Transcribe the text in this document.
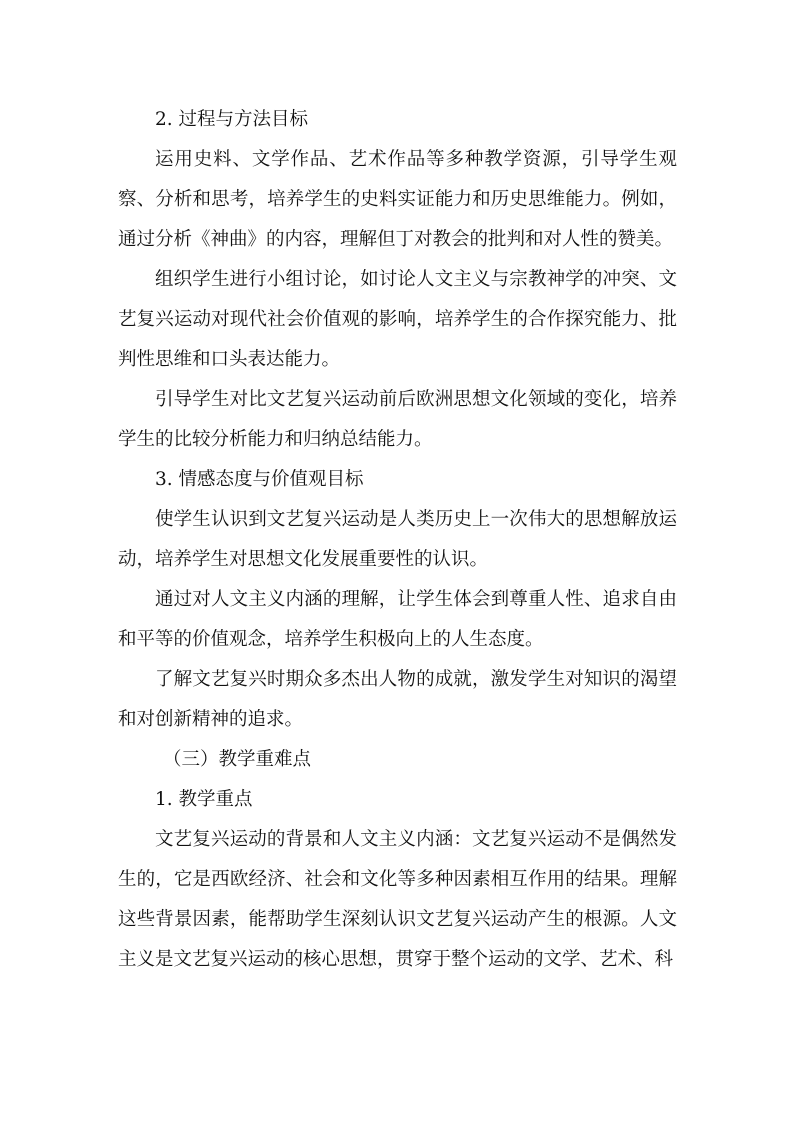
2. 过程与方法目标

运用史料、文学作品、艺术作品等多种教学资源，引导学生观察、分析和思考，培养学生的史料实证能力和历史思维能力。例如，通过分析《神曲》的内容，理解但丁对教会的批判和对人性的赞美。

组织学生进行小组讨论，如讨论人文主义与宗教神学的冲突、文艺复兴运动对现代社会价值观的影响，培养学生的合作探究能力、批判性思维和口头表达能力。

引导学生对比文艺复兴运动前后欧洲思想文化领域的变化，培养学生的比较分析能力和归纳总结能力。

3. 情感态度与价值观目标

使学生认识到文艺复兴运动是人类历史上一次伟大的思想解放运动，培养学生对思想文化发展重要性的认识。

通过对人文主义内涵的理解，让学生体会到尊重人性、追求自由和平等的价值观念，培养学生积极向上的人生态度。

了解文艺复兴时期众多杰出人物的成就，激发学生对知识的渴望和对创新精神的追求。

（三）教学重难点

1. 教学重点

文艺复兴运动的背景和人文主义内涵：文艺复兴运动不是偶然发生的，它是西欧经济、社会和文化等多种因素相互作用的结果。理解这些背景因素，能帮助学生深刻认识文艺复兴运动产生的根源。人文主义是文艺复兴运动的核心思想，贯穿于整个运动的文学、艺术、科
